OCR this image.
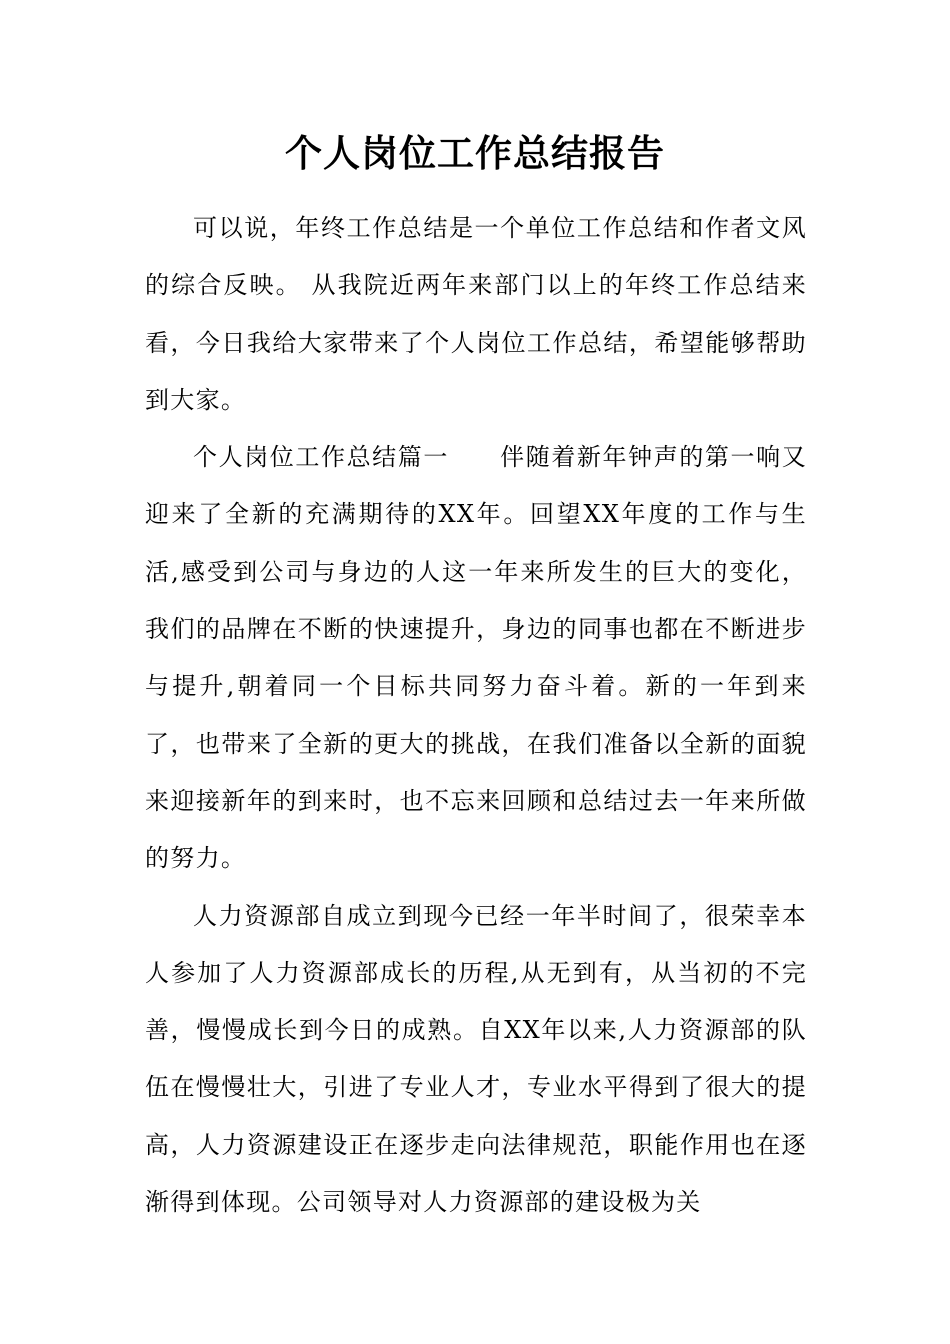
个人岗位工作总结报告

可以说，年终工作总结是一个单位工作总结和作者文风的综合反映。 从我院近两年来部门以上的年终工作总结来看，今日我给大家带来了个人岗位工作总结，希望能够帮助到大家。

个人岗位工作总结篇一　　伴随着新年钟声的第一响又迎来了全新的充满期待的XX年。回望XX年度的工作与生活,感受到公司与身边的人这一年来所发生的巨大的变化，我们的品牌在不断的快速提升，身边的同事也都在不断进步与提升,朝着同一个目标共同努力奋斗着。新的一年到来了，也带来了全新的更大的挑战，在我们准备以全新的面貌来迎接新年的到来时，也不忘来回顾和总结过去一年来所做的努力。

人力资源部自成立到现今已经一年半时间了，很荣幸本人参加了人力资源部成长的历程,从无到有，从当初的不完善，慢慢成长到今日的成熟。自XX年以来,人力资源部的队伍在慢慢壮大，引进了专业人才，专业水平得到了很大的提高，人力资源建设正在逐步走向法律规范，职能作用也在逐渐得到体现。公司领导对人力资源部的建设极为关
